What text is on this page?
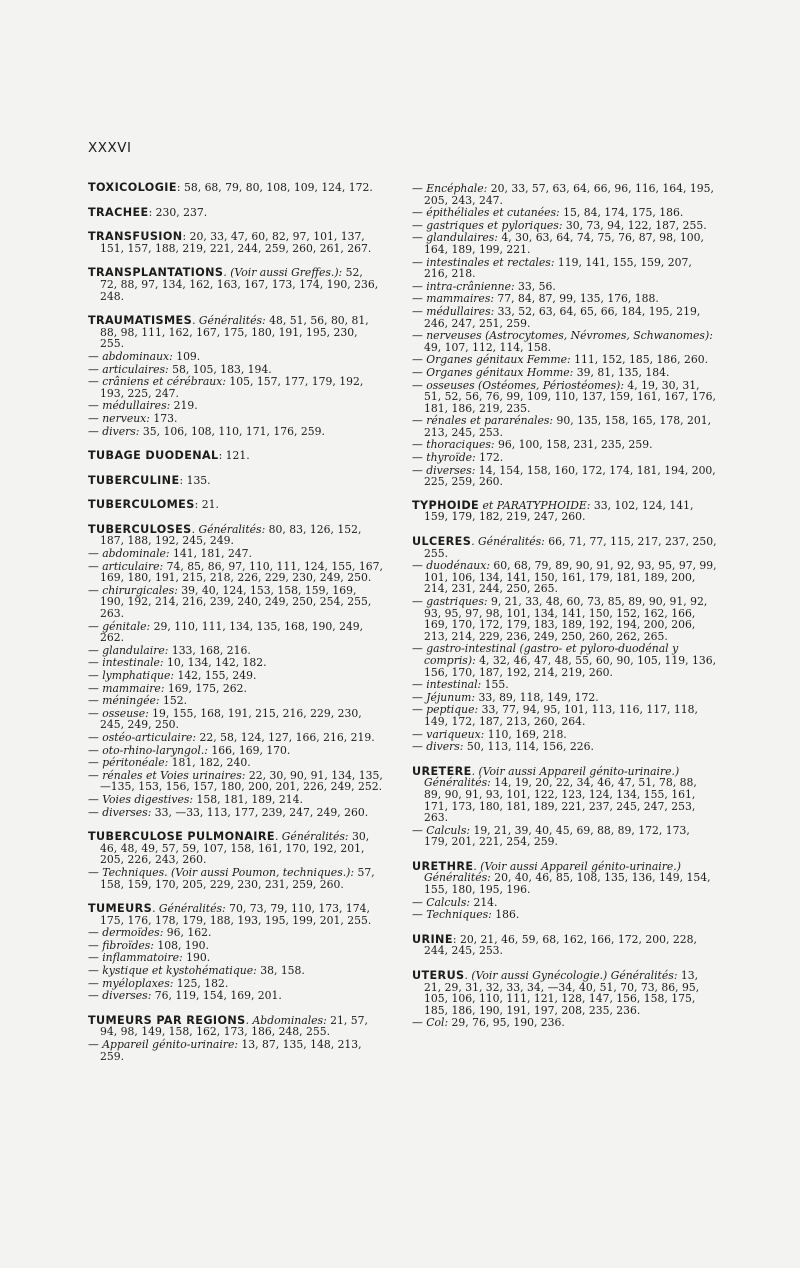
XXXVI
TOXICOLOGIE: 58, 68, 79, 80, 108, 109, 124, 172.
TRACHEE: 230, 237.
TRANSFUSION: 20, 33, 47, 60, 82, 97, 101, 137, 151, 157, 188, 219, 221, 244, 259, 260, 261, 267.
TRANSPLANTATIONS. (Voir aussi Greffes.): 52, 72, 88, 97, 134, 162, 163, 167, 173, 174, 190, 236, 248.
TRAUMATISMES. Généralités: 48, 51, 56, 80, 81, 88, 98, 111, 162, 167, 175, 180, 191, 195, 230, 255.
— abdominaux: 109.
— articulaires: 58, 105, 183, 194.
— crâniens et cérébraux: 105, 157, 177, 179, 192, 193, 225, 247.
— médullaires: 219.
— nerveux: 173.
— divers: 35, 106, 108, 110, 171, 176, 259.
TUBAGE DUODENAL: 121.
TUBERCULINE: 135.
TUBERCULOMES: 21.
TUBERCULOSES. Généralités: 80, 83, 126, 152, 187, 188, 192, 245, 249.
— abdominale: 141, 181, 247.
— articulaire: 74, 85, 86, 97, 110, 111, 124, 155, 167, 169, 180, 191, 215, 218, 226, 229, 230, 249, 250.
— chirurgicales: 39, 40, 124, 153, 158, 159, 169, 190, 192, 214, 216, 239, 240, 249, 250, 254, 255, 263.
— génitale: 29, 110, 111, 134, 135, 168, 190, 249, 262.
— glandulaire: 133, 168, 216.
— intestinale: 10, 134, 142, 182.
— lymphatique: 142, 155, 249.
— mammaire: 169, 175, 262.
— méningée: 152.
— osseuse: 19, 155, 168, 191, 215, 216, 229, 230, 245, 249, 250.
— ostéo-articulaire: 22, 58, 124, 127, 166, 216, 219.
— oto-rhino-laryngol.: 166, 169, 170.
— péritonéale: 181, 182, 240.
— rénales et Voies urinaires: 22, 30, 90, 91, 134, 135, —135, 153, 156, 157, 180, 200, 201, 226, 249, 252.
— Voies digestives: 158, 181, 189, 214.
— diverses: 33, —33, 113, 177, 239, 247, 249, 260.
TUBERCULOSE PULMONAIRE. Généralités: 30, 46, 48, 49, 57, 59, 107, 158, 161, 170, 192, 201, 205, 226, 243, 260.
— Techniques. (Voir aussi Poumon, techniques.): 57, 158, 159, 170, 205, 229, 230, 231, 259, 260.
TUMEURS. Généralités: 70, 73, 79, 110, 173, 174, 175, 176, 178, 179, 188, 193, 195, 199, 201, 255.
— dermoïdes: 96, 162.
— fibroïdes: 108, 190.
— inflammatoire: 190.
— kystique et kystohématique: 38, 158.
— myéloplaxes: 125, 182.
— diverses: 76, 119, 154, 169, 201.
TUMEURS PAR REGIONS. Abdominales: 21, 57, 94, 98, 149, 158, 162, 173, 186, 248, 255.
— Appareil génito-urinaire: 13, 87, 135, 148, 213, 259.
— Encéphale: 20, 33, 57, 63, 64, 66, 96, 116, 164, 195, 205, 243, 247.
— épithéliales et cutanées: 15, 84, 174, 175, 186.
— gastriques et pyloriques: 30, 73, 94, 122, 187, 255.
— glandulaires: 4, 30, 63, 64, 74, 75, 76, 87, 98, 100, 164, 189, 199, 221.
— intestinales et rectales: 119, 141, 155, 159, 207, 216, 218.
— intra-crânienne: 33, 56.
— mammaires: 77, 84, 87, 99, 135, 176, 188.
— médullaires: 33, 52, 63, 64, 65, 66, 184, 195, 219, 246, 247, 251, 259.
— nerveuses (Astrocytomes, Névromes, Schwanomes): 49, 107, 112, 114, 158.
— Organes génitaux Femme: 111, 152, 185, 186, 260.
— Organes génitaux Homme: 39, 81, 135, 184.
— osseuses (Ostéomes, Périostéomes): 4, 19, 30, 31, 51, 52, 56, 76, 99, 109, 110, 137, 159, 161, 167, 176, 181, 186, 219, 235.
— rénales et pararénales: 90, 135, 158, 165, 178, 201, 213, 245, 253.
— thoraciques: 96, 100, 158, 231, 235, 259.
— thyroïde: 172.
— diverses: 14, 154, 158, 160, 172, 174, 181, 194, 200, 225, 259, 260.
TYPHOIDE et PARATYPHOIDE: 33, 102, 124, 141, 159, 179, 182, 219, 247, 260.
ULCERES. Généralités: 66, 71, 77, 115, 217, 237, 250, 255.
— duodénaux: 60, 68, 79, 89, 90, 91, 92, 93, 95, 97, 99, 101, 106, 134, 141, 150, 161, 179, 181, 189, 200, 214, 231, 244, 250, 265.
— gastriques: 9, 21, 33, 48, 60, 73, 85, 89, 90, 91, 92, 93, 95, 97, 98, 101, 134, 141, 150, 152, 162, 166, 169, 170, 172, 179, 183, 189, 192, 194, 200, 206, 213, 214, 229, 236, 249, 250, 260, 262, 265.
— gastro-intestinal (gastro- et pyloro-duodénal y compris): 4, 32, 46, 47, 48, 55, 60, 90, 105, 119, 136, 156, 170, 187, 192, 214, 219, 260.
— intestinal: 155.
— Jéjunum: 33, 89, 118, 149, 172.
— peptique: 33, 77, 94, 95, 101, 113, 116, 117, 118, 149, 172, 187, 213, 260, 264.
— variqueux: 110, 169, 218.
— divers: 50, 113, 114, 156, 226.
URETERE. (Voir aussi Appareil génito-urinaire.) Généralités: 14, 19, 20, 22, 34, 46, 47, 51, 78, 88, 89, 90, 91, 93, 101, 122, 123, 124, 134, 155, 161, 171, 173, 180, 181, 189, 221, 237, 245, 247, 253, 263.
— Calculs: 19, 21, 39, 40, 45, 69, 88, 89, 172, 173, 179, 201, 221, 254, 259.
URETHRE. (Voir aussi Appareil génito-urinaire.) Généralités: 20, 40, 46, 85, 108, 135, 136, 149, 154, 155, 180, 195, 196.
— Calculs: 214.
— Techniques: 186.
URINE: 20, 21, 46, 59, 68, 162, 166, 172, 200, 228, 244, 245, 253.
UTERUS. (Voir aussi Gynécologie.) Généralités: 13, 21, 29, 31, 32, 33, 34, —34, 40, 51, 70, 73, 86, 95, 105, 106, 110, 111, 121, 128, 147, 156, 158, 175, 185, 186, 190, 191, 197, 208, 235, 236.
— Col: 29, 76, 95, 190, 236.
